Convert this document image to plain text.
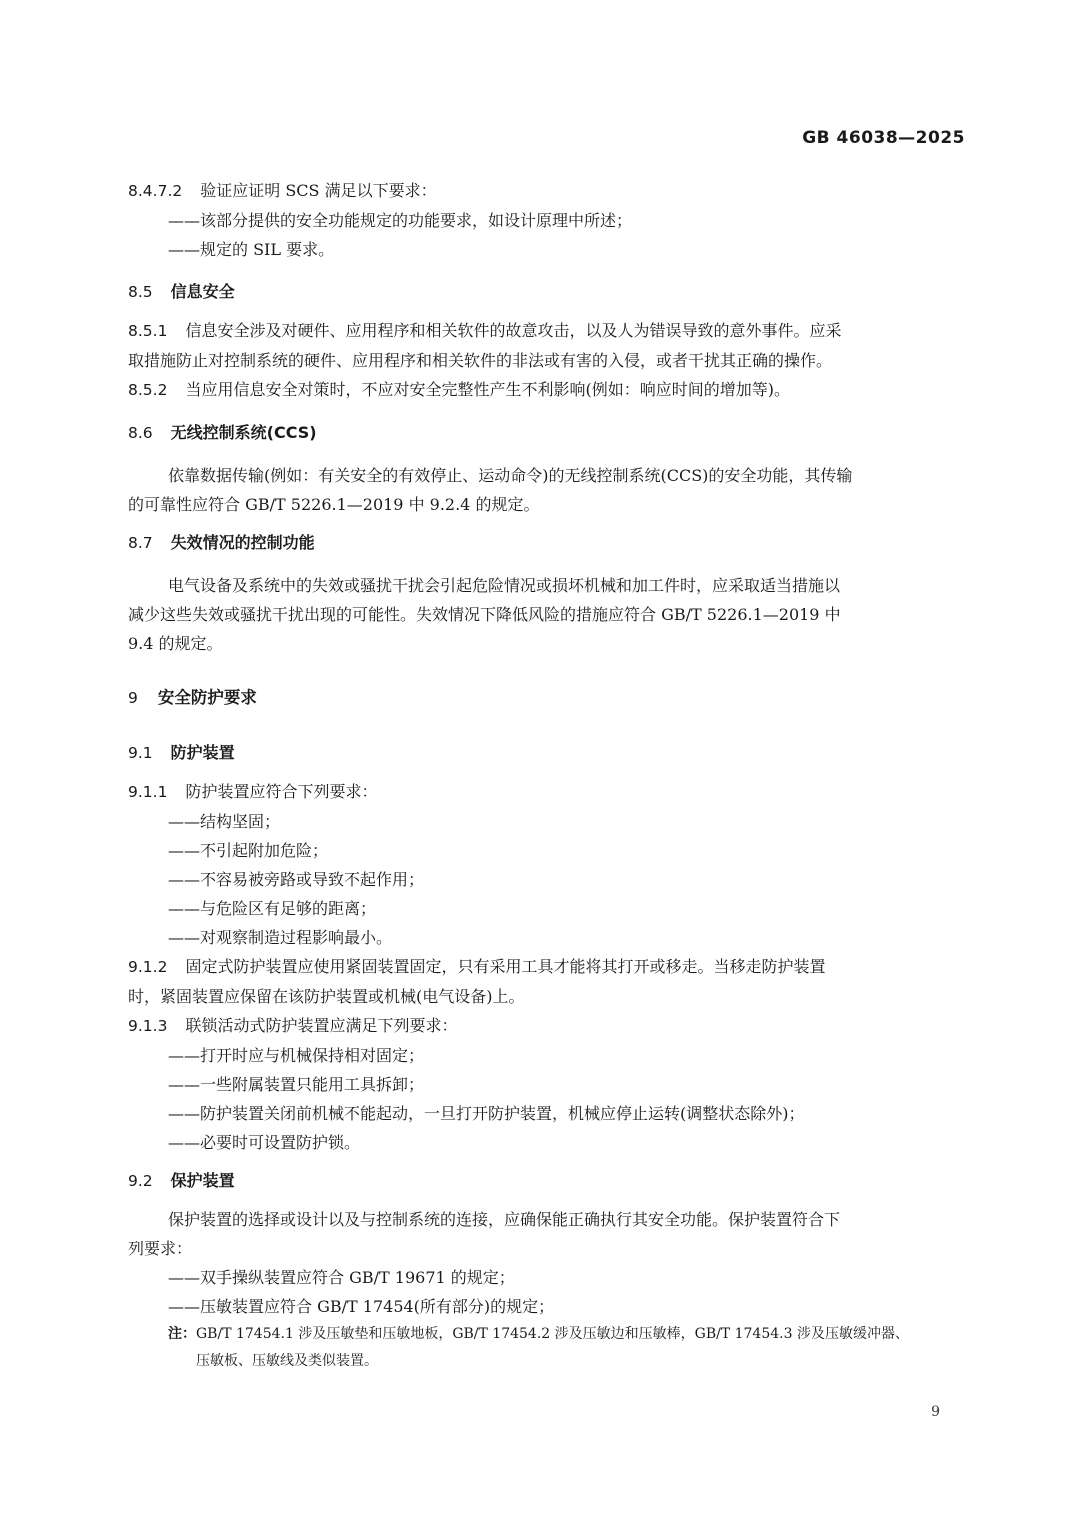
GB 46038—2025
8.4.7.2 验证应证明 SCS 满足以下要求：
——该部分提供的安全功能规定的功能要求，如设计原理中所述；
——规定的 SIL 要求。
8.5 信息安全
8.5.1 信息安全涉及对硬件、应用程序和相关软件的故意攻击，以及人为错误导致的意外事件。应采
取措施防止对控制系统的硬件、应用程序和相关软件的非法或有害的入侵，或者干扰其正确的操作。
8.5.2 当应用信息安全对策时，不应对安全完整性产生不利影响(例如：响应时间的增加等)。
8.6 无线控制系统(CCS)
依靠数据传输(例如：有关安全的有效停止、运动命令)的无线控制系统(CCS)的安全功能，其传输
的可靠性应符合 GB/T 5226.1—2019 中 9.2.4 的规定。
8.7 失效情况的控制功能
电气设备及系统中的失效或骚扰干扰会引起危险情况或损坏机械和加工件时，应采取适当措施以
减少这些失效或骚扰干扰出现的可能性。失效情况下降低风险的措施应符合 GB/T 5226.1—2019 中
9.4 的规定。
9 安全防护要求
9.1 防护装置
9.1.1 防护装置应符合下列要求：
——结构坚固；
——不引起附加危险；
——不容易被旁路或导致不起作用；
——与危险区有足够的距离；
——对观察制造过程影响最小。
9.1.2 固定式防护装置应使用紧固装置固定，只有采用工具才能将其打开或移走。当移走防护装置
时，紧固装置应保留在该防护装置或机械(电气设备)上。
9.1.3 联锁活动式防护装置应满足下列要求：
——打开时应与机械保持相对固定；
——一些附属装置只能用工具拆卸；
——防护装置关闭前机械不能起动，一旦打开防护装置，机械应停止运转(调整状态除外)；
——必要时可设置防护锁。
9.2 保护装置
保护装置的选择或设计以及与控制系统的连接，应确保能正确执行其安全功能。保护装置符合下
列要求：
——双手操纵装置应符合 GB/T 19671 的规定；
——压敏装置应符合 GB/T 17454(所有部分)的规定；
注：GB/T 17454.1 涉及压敏垫和压敏地板，GB/T 17454.2 涉及压敏边和压敏棒，GB/T 17454.3 涉及压敏缓冲器、
压敏板、压敏线及类似装置。
9
